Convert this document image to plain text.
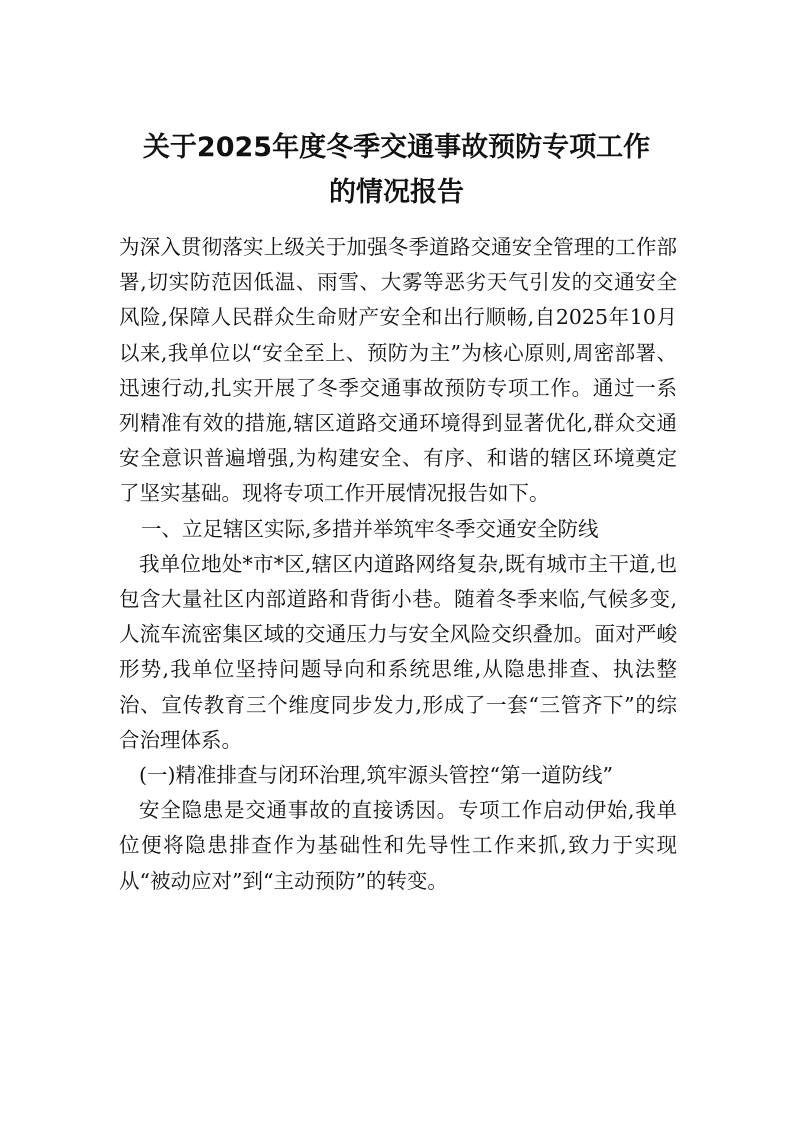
关于2025年度冬季交通事故预防专项工作
的情况报告

为深入贯彻落实上级关于加强冬季道路交通安全管理的工作部署,切实防范因低温、雨雪、大雾等恶劣天气引发的交通安全风险,保障人民群众生命财产安全和出行顺畅,自2025年10月以来,我单位以“安全至上、预防为主”为核心原则,周密部署、迅速行动,扎实开展了冬季交通事故预防专项工作。通过一系列精准有效的措施,辖区道路交通环境得到显著优化,群众交通安全意识普遍增强,为构建安全、有序、和谐的辖区环境奠定了坚实基础。现将专项工作开展情况报告如下。

一、立足辖区实际,多措并举筑牢冬季交通安全防线

我单位地处*市*区,辖区内道路网络复杂,既有城市主干道,也包含大量社区内部道路和背街小巷。随着冬季来临,气候多变,人流车流密集区域的交通压力与安全风险交织叠加。面对严峻形势,我单位坚持问题导向和系统思维,从隐患排查、执法整治、宣传教育三个维度同步发力,形成了一套“三管齐下”的综合治理体系。

(一)精准排查与闭环治理,筑牢源头管控“第一道防线”

安全隐患是交通事故的直接诱因。专项工作启动伊始,我单位便将隐患排查作为基础性和先导性工作来抓,致力于实现从“被动应对”到“主动预防”的转变。
